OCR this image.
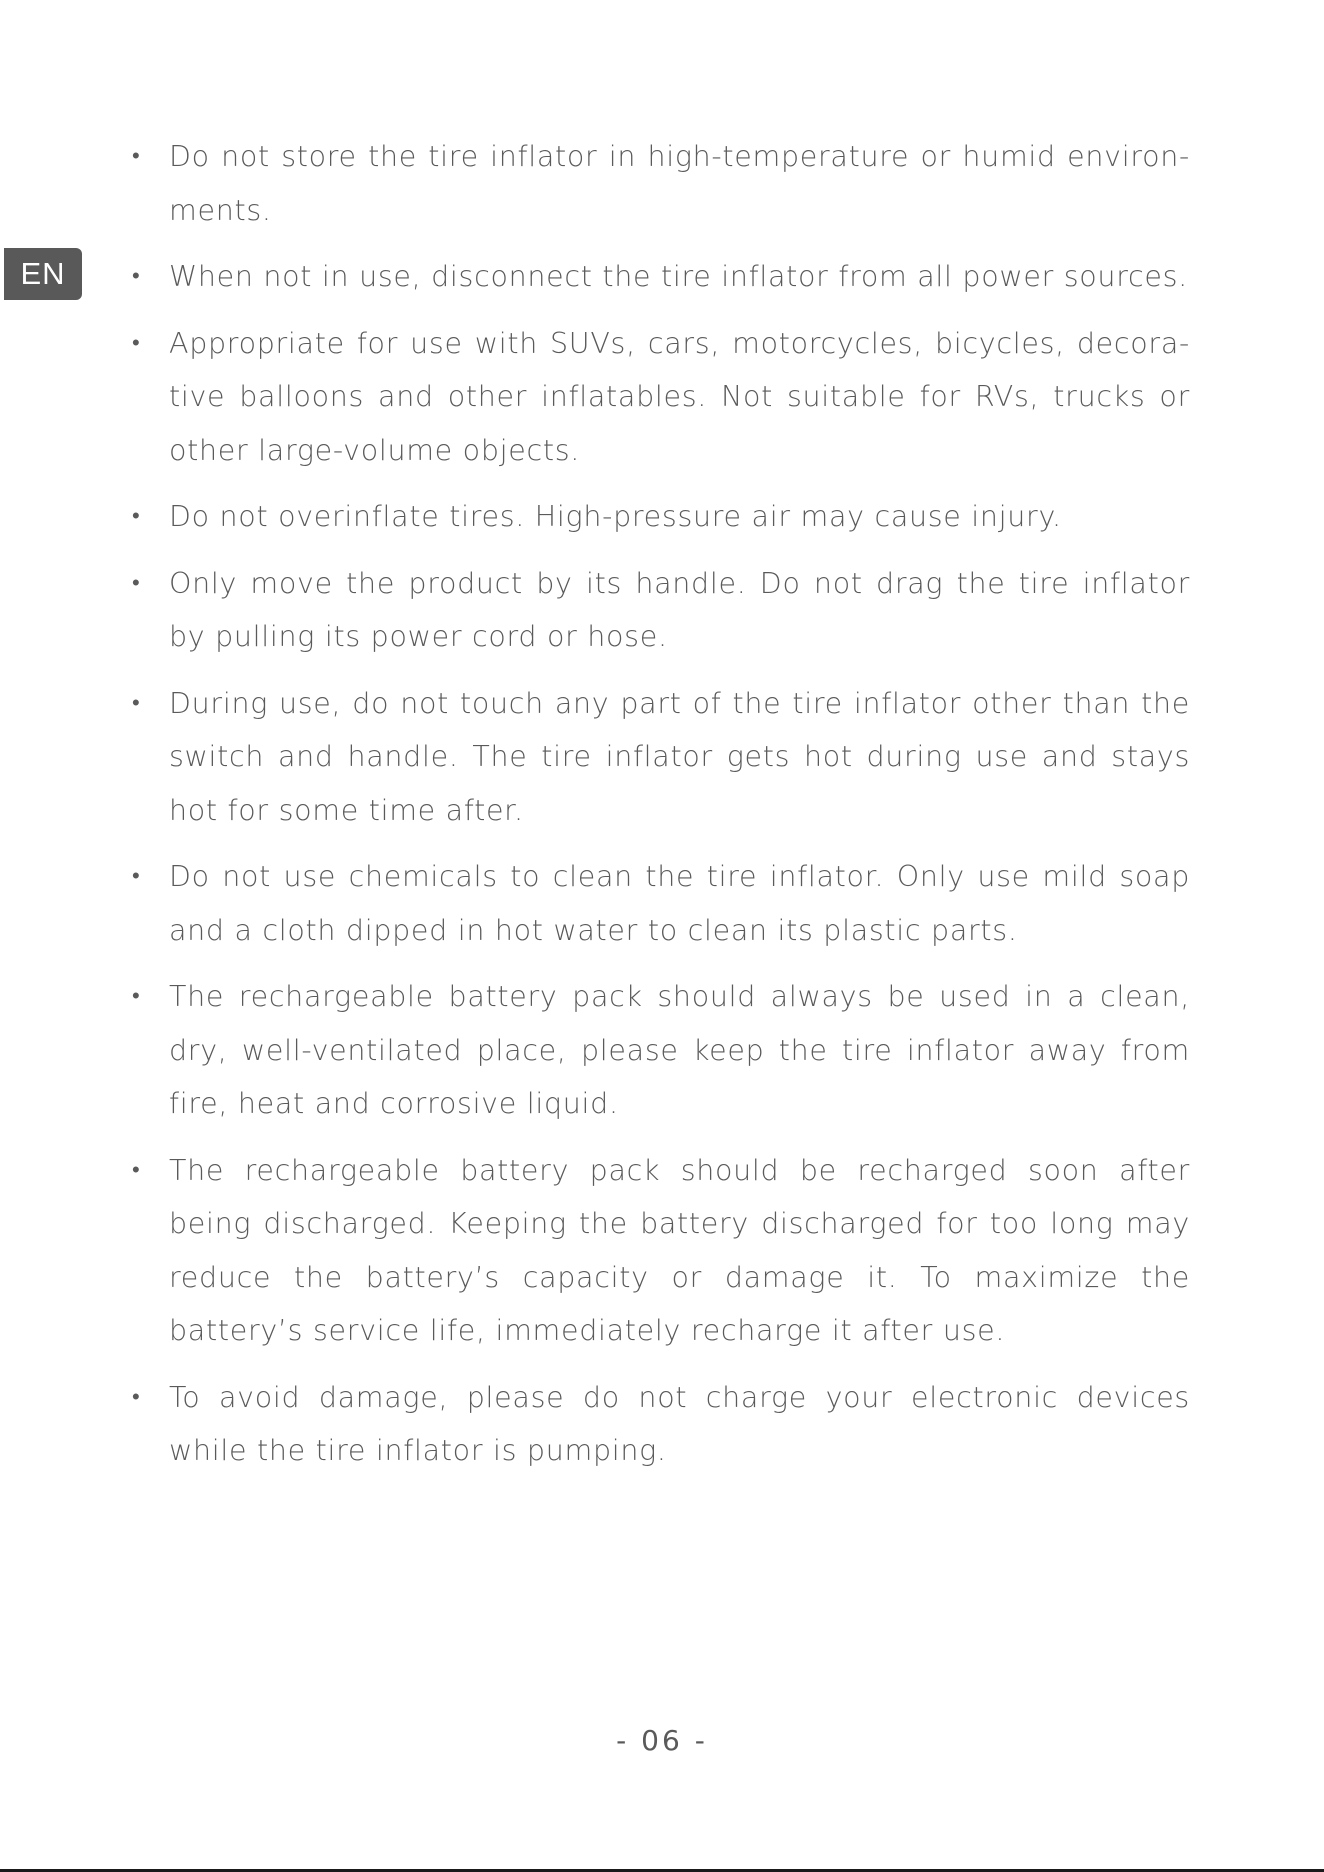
EN
• Do not store the tire inflator in high-temperature or humid environ-ments.
• When not in use, disconnect the tire inflator from all power sources.
• Appropriate for use with SUVs, cars, motorcycles, bicycles, decora-tive balloons and other inflatables. Not suitable for RVs, trucks or other large-volume objects.
• Do not overinflate tires. High-pressure air may cause injury.
• Only move the product by its handle. Do not drag the tire inflator by pulling its power cord or hose.
• During use, do not touch any part of the tire inflator other than the switch and handle. The tire inflator gets hot during use and stays hot for some time after.
• Do not use chemicals to clean the tire inflator. Only use mild soap and a cloth dipped in hot water to clean its plastic parts.
• The rechargeable battery pack should always be used in a clean, dry, well-ventilated place, please keep the tire inflator away from fire, heat and corrosive liquid.
• The rechargeable battery pack should be recharged soon after being discharged. Keeping the battery discharged for too long may reduce the battery’s capacity or damage it. To maximize the battery’s service life, immediately recharge it after use.
• To avoid damage, please do not charge your electronic devices while the tire inflator is pumping.
- 06 -
